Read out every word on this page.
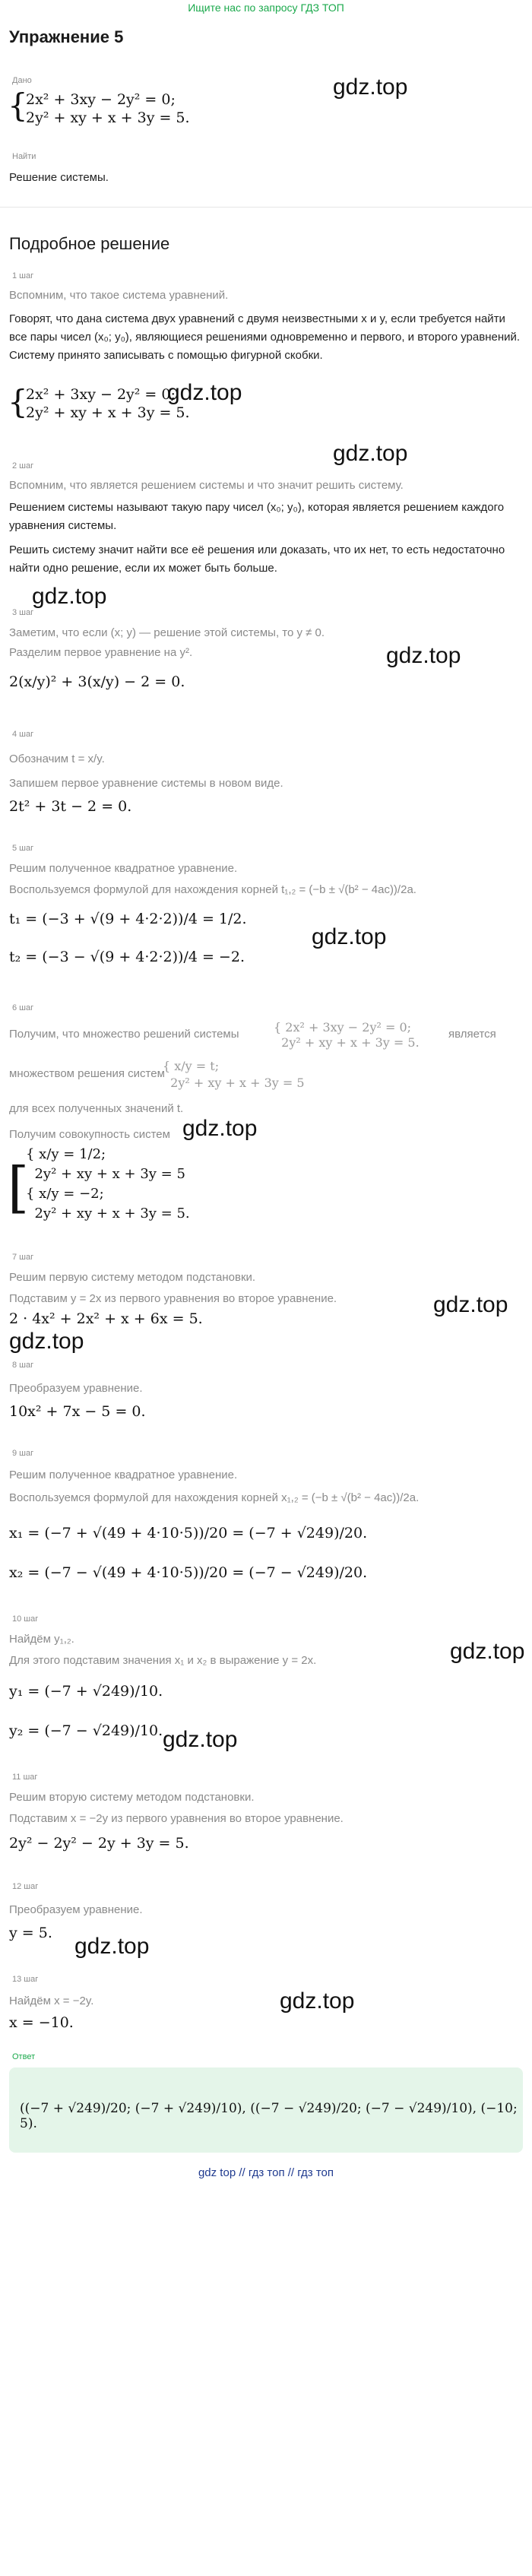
Ищите нас по запросу ГДЗ ТОП
Упражнение 5
Дано
{
2x² + 3xy − 2y² = 0;
2y² + xy + x + 3y = 5.
gdz.top
Найти
Решение системы.
Подробное решение
1 шаг
Вспомним, что такое система уравнений.
Говорят, что дана система двух уравнений с двумя неизвестными x и y, если требуется найти все пары чисел (x₀; y₀), являющиеся решениями одновременно и первого, и второго уравнений. Систему принято записывать с помощью фигурной скобки.
{
2x² + 3xy − 2y² = 0;
2y² + xy + x + 3y = 5.
gdz.top
gdz.top
2 шаг
Вспомним, что является решением системы и что значит решить систему.
Решением системы называют такую пару чисел (x₀; y₀), которая является решением каждого уравнения системы.
Решить систему значит найти все её решения или доказать, что их нет, то есть недостаточно найти одно решение, если их может быть больше.
gdz.top
3 шаг
Заметим, что если (x; y) — решение этой системы, то y ≠ 0.
Разделим первое уравнение на y².	gdz.top
2(x/y)² + 3(x/y) − 2 = 0.
4 шаг
Обозначим t = x/y.
Запишем первое уравнение системы в новом виде.
2t² + 3t − 2 = 0.
5 шаг
Решим полученное квадратное уравнение.
Воспользуемся формулой для нахождения корней t₁,₂ = (−b ± √(b² − 4ac))/2a.
t₁ = (−3 + √(9 + 4·2·2))/4 = 1/2.
gdz.top
t₂ = (−3 − √(9 + 4·2·2))/4 = −2.
6 шаг
Получим, что множество решений системы	{ 2x² + 3xy − 2y² = 0;
2y² + xy + x + 3y = 5.
является
множеством решения систем
{ x/y = t;
2y² + xy + x + 3y = 5
для всех полученных значений t.
Получим совокупность систем gdz.top
[
{ x/y = 1/2;
2y² + xy + x + 3y = 5
{ x/y = −2;
2y² + xy + x + 3y = 5.
7 шаг
Решим первую систему методом подстановки.
Подставим y = 2x из первого уравнения во второе уравнение.
2 · 4x² + 2x² + x + 6x = 5.
gdz.top
gdz.top
8 шаг
Преобразуем уравнение.
10x² + 7x − 5 = 0.
9 шаг
Решим полученное квадратное уравнение.
Воспользуемся формулой для нахождения корней x₁,₂ = (−b ± √(b² − 4ac))/2a.
x₁ = (−7 + √(49 + 4·10·5))/20 = (−7 + √249)/20.
x₂ = (−7 − √(49 + 4·10·5))/20 = (−7 − √249)/20.
10 шаг
Найдём y₁,₂.
Для этого подставим значения x₁ и x₂ в выражение y = 2x.	gdz.top
y₁ = (−7 + √249)/10.
y₂ = (−7 − √249)/10. gdz.top
11 шаг
Решим вторую систему методом подстановки.
Подставим x = −2y из первого уравнения во второе уравнение.
2y² − 2y² − 2y + 3y = 5.
12 шаг
Преобразуем уравнение.
y = 5.
gdz.top
13 шаг
Найдём x = −2y.	gdz.top
x = −10.
Ответ
((−7 + √249)/20; (−7 + √249)/10), ((−7 − √249)/20; (−7 − √249)/10), (−10; 5).
gdz top // гдз топ // гдз топ
